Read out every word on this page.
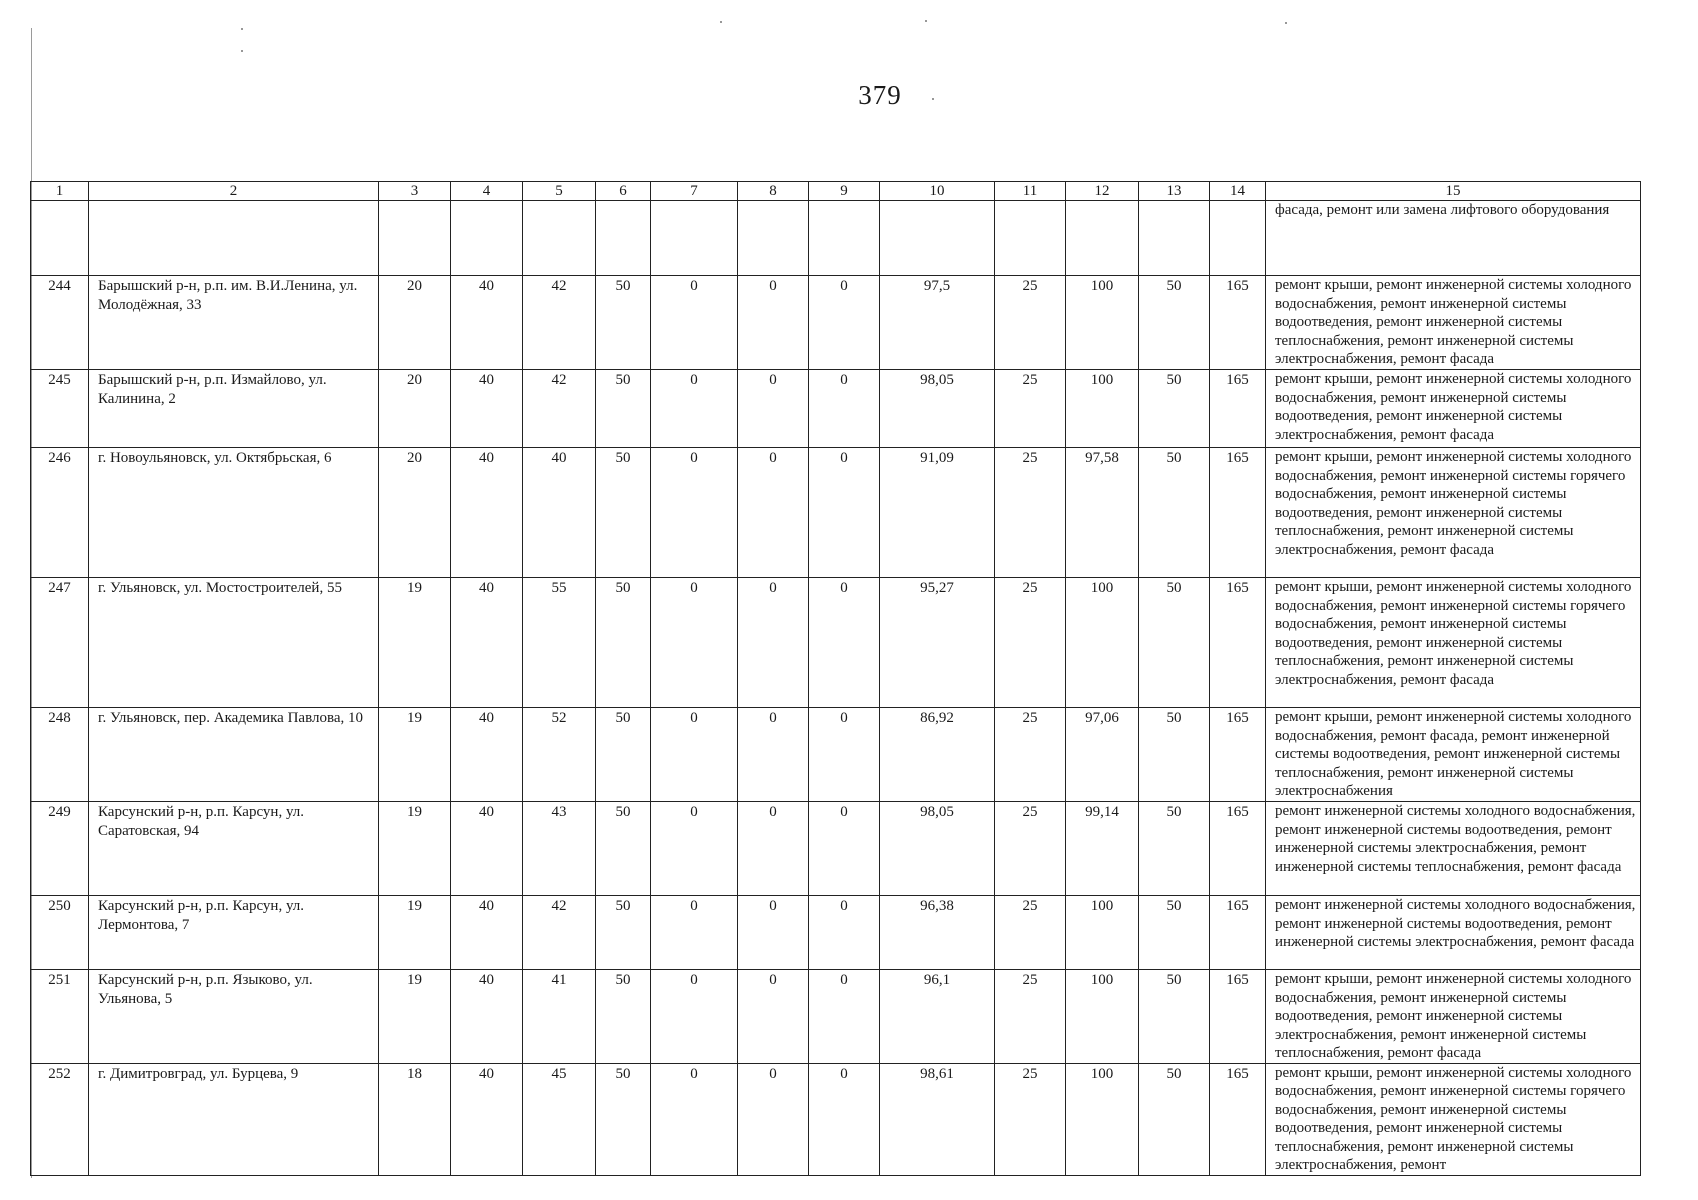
379
1	2	3	4	5	6	7	8	9	10	11	12	13	14	15
														фасада, ремонт или замена лифтового оборудования
244	Барышский р-н, р.п. им. В.И.Ленина, ул. Молодёжная, 33	20	40	42	50	0	0	0	97,5	25	100	50	165	ремонт крыши, ремонт инженерной системы холодного водоснабжения, ремонт инженерной системы водоотведения, ремонт инженерной системы теплоснабжения, ремонт инженерной системы электроснабжения, ремонт фасада
245	Барышский р-н, р.п. Измайлово, ул. Калинина, 2	20	40	42	50	0	0	0	98,05	25	100	50	165	ремонт крыши, ремонт инженерной системы холодного водоснабжения, ремонт инженерной системы водоотведения, ремонт инженерной системы электроснабжения, ремонт фасада
246	г. Новоульяновск, ул. Октябрьская, 6	20	40	40	50	0	0	0	91,09	25	97,58	50	165	ремонт крыши, ремонт инженерной системы холодного водоснабжения, ремонт инженерной системы горячего водоснабжения, ремонт инженерной системы водоотведения, ремонт инженерной системы теплоснабжения, ремонт инженерной системы электроснабжения, ремонт фасада
247	г. Ульяновск, ул. Мостостроителей, 55	19	40	55	50	0	0	0	95,27	25	100	50	165	ремонт крыши, ремонт инженерной системы холодного водоснабжения, ремонт инженерной системы горячего водоснабжения, ремонт инженерной системы водоотведения, ремонт инженерной системы теплоснабжения, ремонт инженерной системы электроснабжения, ремонт фасада
248	г. Ульяновск, пер. Академика Павлова, 10	19	40	52	50	0	0	0	86,92	25	97,06	50	165	ремонт крыши, ремонт инженерной системы холодного водоснабжения, ремонт фасада, ремонт инженерной системы водоотведения, ремонт инженерной системы теплоснабжения, ремонт инженерной системы электроснабжения
249	Карсунский р-н, р.п. Карсун, ул. Саратовская, 94	19	40	43	50	0	0	0	98,05	25	99,14	50	165	ремонт инженерной системы холодного водоснабжения, ремонт инженерной системы водоотведения, ремонт инженерной системы электроснабжения, ремонт инженерной системы теплоснабжения, ремонт фасада
250	Карсунский р-н, р.п. Карсун, ул. Лермонтова, 7	19	40	42	50	0	0	0	96,38	25	100	50	165	ремонт инженерной системы холодного водоснабжения, ремонт инженерной системы водоотведения, ремонт инженерной системы электроснабжения, ремонт фасада
251	Карсунский р-н, р.п. Языково, ул. Ульянова, 5	19	40	41	50	0	0	0	96,1	25	100	50	165	ремонт крыши, ремонт инженерной системы холодного водоснабжения, ремонт инженерной системы водоотведения, ремонт инженерной системы электроснабжения, ремонт инженерной системы теплоснабжения, ремонт фасада
252	г. Димитровград, ул. Бурцева, 9	18	40	45	50	0	0	0	98,61	25	100	50	165	ремонт крыши, ремонт инженерной системы холодного водоснабжения, ремонт инженерной системы горячего водоснабжения, ремонт инженерной системы водоотведения, ремонт инженерной системы теплоснабжения, ремонт инженерной системы электроснабжения, ремонт
